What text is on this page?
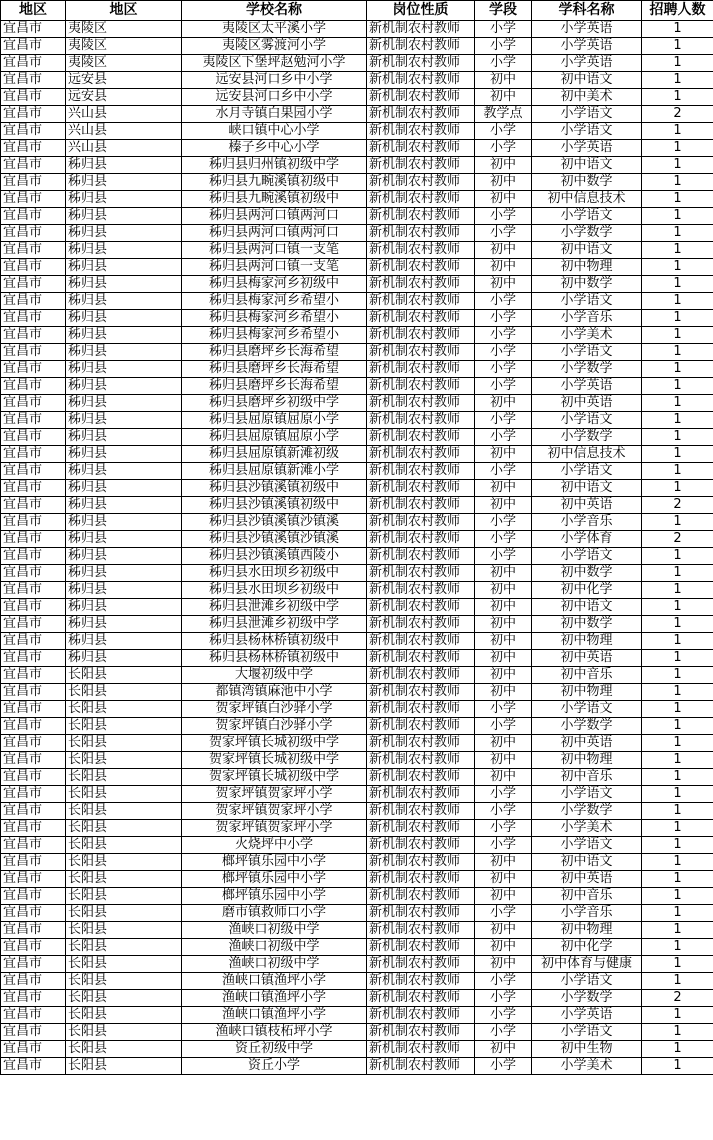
地区	地区	学校名称	岗位性质	学段	学科名称	招聘人数
宜昌市	夷陵区	夷陵区太平溪小学	新机制农村教师	小学	小学英语	1
宜昌市	夷陵区	夷陵区雾渡河小学	新机制农村教师	小学	小学英语	1
宜昌市	夷陵区	夷陵区下堡坪赵勉河小学	新机制农村教师	小学	小学英语	1
宜昌市	远安县	远安县河口乡中小学	新机制农村教师	初中	初中语文	1
宜昌市	远安县	远安县河口乡中小学	新机制农村教师	初中	初中美术	1
宜昌市	兴山县	水月寺镇白果园小学	新机制农村教师	教学点	小学语文	2
宜昌市	兴山县	峡口镇中心小学	新机制农村教师	小学	小学语文	1
宜昌市	兴山县	榛子乡中心小学	新机制农村教师	小学	小学英语	1
宜昌市	秭归县	秭归县归州镇初级中学	新机制农村教师	初中	初中语文	1
宜昌市	秭归县	秭归县九畹溪镇初级中	新机制农村教师	初中	初中数学	1
宜昌市	秭归县	秭归县九畹溪镇初级中	新机制农村教师	初中	初中信息技术	1
宜昌市	秭归县	秭归县两河口镇两河口	新机制农村教师	小学	小学语文	1
宜昌市	秭归县	秭归县两河口镇两河口	新机制农村教师	小学	小学数学	1
宜昌市	秭归县	秭归县两河口镇一支笔	新机制农村教师	初中	初中语文	1
宜昌市	秭归县	秭归县两河口镇一支笔	新机制农村教师	初中	初中物理	1
宜昌市	秭归县	秭归县梅家河乡初级中	新机制农村教师	初中	初中数学	1
宜昌市	秭归县	秭归县梅家河乡希望小	新机制农村教师	小学	小学语文	1
宜昌市	秭归县	秭归县梅家河乡希望小	新机制农村教师	小学	小学音乐	1
宜昌市	秭归县	秭归县梅家河乡希望小	新机制农村教师	小学	小学美术	1
宜昌市	秭归县	秭归县磨坪乡长海希望	新机制农村教师	小学	小学语文	1
宜昌市	秭归县	秭归县磨坪乡长海希望	新机制农村教师	小学	小学数学	1
宜昌市	秭归县	秭归县磨坪乡长海希望	新机制农村教师	小学	小学英语	1
宜昌市	秭归县	秭归县磨坪乡初级中学	新机制农村教师	初中	初中英语	1
宜昌市	秭归县	秭归县屈原镇屈原小学	新机制农村教师	小学	小学语文	1
宜昌市	秭归县	秭归县屈原镇屈原小学	新机制农村教师	小学	小学数学	1
宜昌市	秭归县	秭归县屈原镇新滩初级	新机制农村教师	初中	初中信息技术	1
宜昌市	秭归县	秭归县屈原镇新滩小学	新机制农村教师	小学	小学语文	1
宜昌市	秭归县	秭归县沙镇溪镇初级中	新机制农村教师	初中	初中语文	1
宜昌市	秭归县	秭归县沙镇溪镇初级中	新机制农村教师	初中	初中英语	2
宜昌市	秭归县	秭归县沙镇溪镇沙镇溪	新机制农村教师	小学	小学音乐	1
宜昌市	秭归县	秭归县沙镇溪镇沙镇溪	新机制农村教师	小学	小学体育	2
宜昌市	秭归县	秭归县沙镇溪镇西陵小	新机制农村教师	小学	小学语文	1
宜昌市	秭归县	秭归县水田坝乡初级中	新机制农村教师	初中	初中数学	1
宜昌市	秭归县	秭归县水田坝乡初级中	新机制农村教师	初中	初中化学	1
宜昌市	秭归县	秭归县泄滩乡初级中学	新机制农村教师	初中	初中语文	1
宜昌市	秭归县	秭归县泄滩乡初级中学	新机制农村教师	初中	初中数学	1
宜昌市	秭归县	秭归县杨林桥镇初级中	新机制农村教师	初中	初中物理	1
宜昌市	秭归县	秭归县杨林桥镇初级中	新机制农村教师	初中	初中英语	1
宜昌市	长阳县	大堰初级中学	新机制农村教师	初中	初中音乐	1
宜昌市	长阳县	都镇湾镇麻池中小学	新机制农村教师	初中	初中物理	1
宜昌市	长阳县	贺家坪镇白沙驿小学	新机制农村教师	小学	小学语文	1
宜昌市	长阳县	贺家坪镇白沙驿小学	新机制农村教师	小学	小学数学	1
宜昌市	长阳县	贺家坪镇长城初级中学	新机制农村教师	初中	初中英语	1
宜昌市	长阳县	贺家坪镇长城初级中学	新机制农村教师	初中	初中物理	1
宜昌市	长阳县	贺家坪镇长城初级中学	新机制农村教师	初中	初中音乐	1
宜昌市	长阳县	贺家坪镇贺家坪小学	新机制农村教师	小学	小学语文	1
宜昌市	长阳县	贺家坪镇贺家坪小学	新机制农村教师	小学	小学数学	1
宜昌市	长阳县	贺家坪镇贺家坪小学	新机制农村教师	小学	小学美术	1
宜昌市	长阳县	火烧坪中小学	新机制农村教师	小学	小学语文	1
宜昌市	长阳县	榔坪镇乐园中小学	新机制农村教师	初中	初中语文	1
宜昌市	长阳县	榔坪镇乐园中小学	新机制农村教师	初中	初中英语	1
宜昌市	长阳县	榔坪镇乐园中小学	新机制农村教师	初中	初中音乐	1
宜昌市	长阳县	磨市镇救师口小学	新机制农村教师	小学	小学音乐	1
宜昌市	长阳县	渔峡口初级中学	新机制农村教师	初中	初中物理	1
宜昌市	长阳县	渔峡口初级中学	新机制农村教师	初中	初中化学	1
宜昌市	长阳县	渔峡口初级中学	新机制农村教师	初中	初中体育与健康	1
宜昌市	长阳县	渔峡口镇渔坪小学	新机制农村教师	小学	小学语文	1
宜昌市	长阳县	渔峡口镇渔坪小学	新机制农村教师	小学	小学数学	2
宜昌市	长阳县	渔峡口镇渔坪小学	新机制农村教师	小学	小学英语	1
宜昌市	长阳县	渔峡口镇枝柘坪小学	新机制农村教师	小学	小学语文	1
宜昌市	长阳县	资丘初级中学	新机制农村教师	初中	初中生物	1
宜昌市	长阳县	资丘小学	新机制农村教师	小学	小学美术	1
